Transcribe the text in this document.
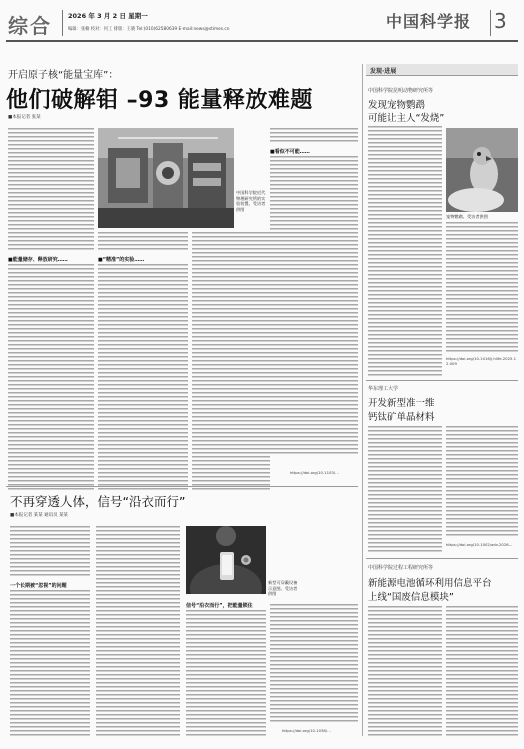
综合 2026 年 3 月 2 日 星期一
编辑：张楠 校对：何工 排版：王晓 Tel:(010)62580639 E-mail:news@stimes.cn	中国科学报 3
开启原子核“能量宝库”：
他们破解钼 –93 能量释放难题
■本报记者 张某
中国科学院近代物理研究所的实验装置。受访者供图
■能量储存、释放研究……	■“精准”的实验……
■看似不可能……
https://doi.org/10.1103/…
不再穿透人体，信号“沿衣而行”
■本报记者 某某 通讯员 某某
一个长期被“忽视”的问题
新型可穿戴设备示意图。受访者供图
信号“沿衣而行”，把能量锁住
https://doi.org/10.1038/…
发现·进展
中国科学院昆明动物研究所等
发现宠物鹦鹉
可能让主人“发烧”
宠物鹦鹉。受访者供图
https://doi.org/10.1016/j.hlife.2025.12.009
华东理工大学
开发新型准一维
钙钛矿单晶材料
https://doi.org/10.1002/adv.2026…
中国科学院过程工程研究所等
新能源电池循环利用信息平台
上线“国废信息模块”
